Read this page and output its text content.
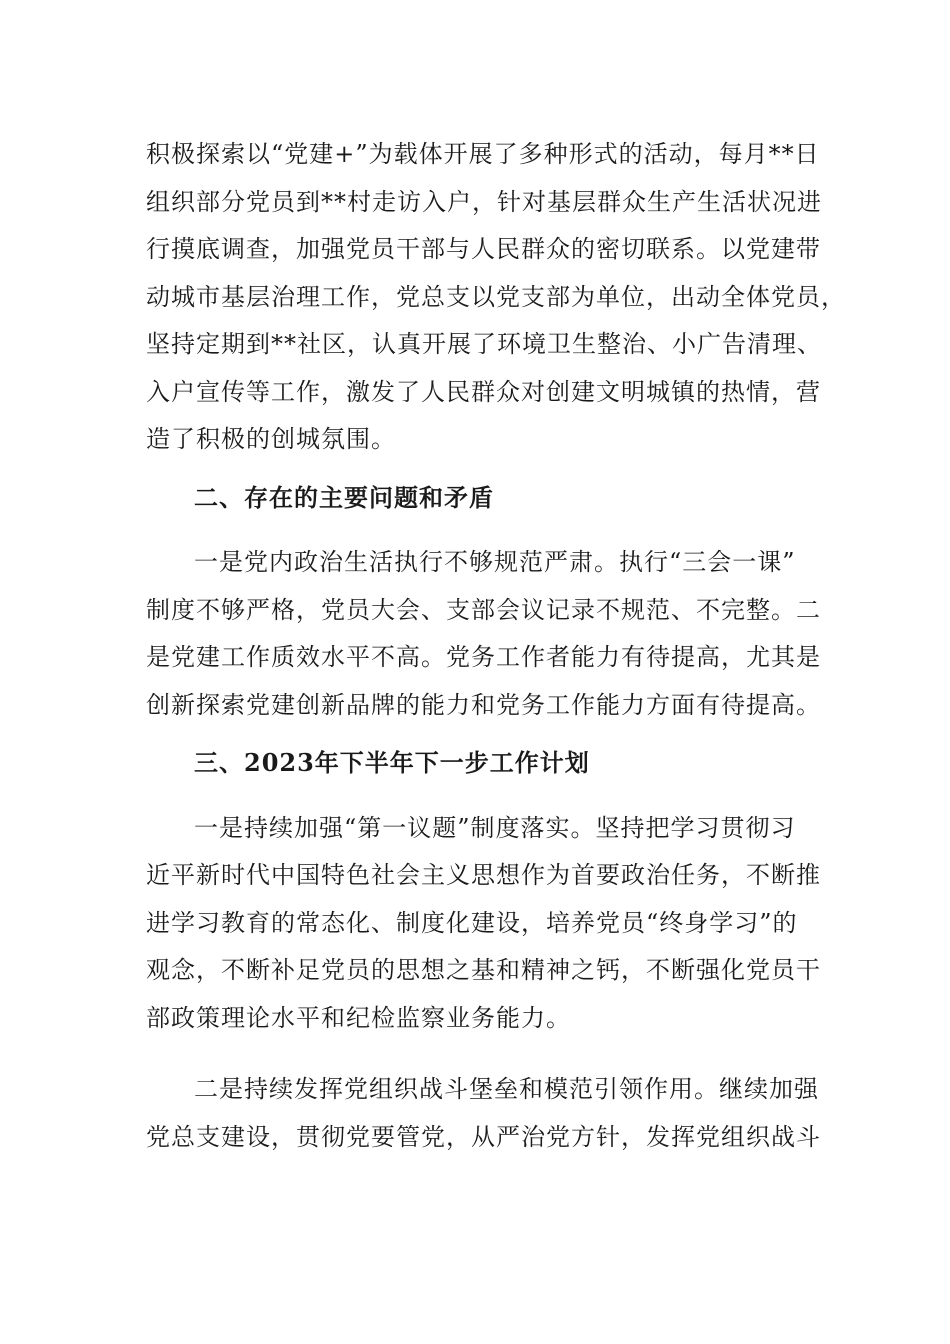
积极探索以“党建+”为载体开展了多种形式的活动，每月**日
组织部分党员到**村走访入户，针对基层群众生产生活状况进
行摸底调查，加强党员干部与人民群众的密切联系。以党建带
动城市基层治理工作，党总支以党支部为单位，出动全体党员，
坚持定期到**社区，认真开展了环境卫生整治、小广告清理、
入户宣传等工作，激发了人民群众对创建文明城镇的热情，营
造了积极的创城氛围。

二、存在的主要问题和矛盾

一是党内政治生活执行不够规范严肃。执行“三会一课”
制度不够严格，党员大会、支部会议记录不规范、不完整。二
是党建工作质效水平不高。党务工作者能力有待提高，尤其是
创新探索党建创新品牌的能力和党务工作能力方面有待提高。

三、2023年下半年下一步工作计划

一是持续加强“第一议题”制度落实。坚持把学习贯彻习
近平新时代中国特色社会主义思想作为首要政治任务，不断推
进学习教育的常态化、制度化建设，培养党员“终身学习”的
观念，不断补足党员的思想之基和精神之钙，不断强化党员干
部政策理论水平和纪检监察业务能力。

二是持续发挥党组织战斗堡垒和模范引领作用。继续加强
党总支建设，贯彻党要管党，从严治党方针，发挥党组织战斗
